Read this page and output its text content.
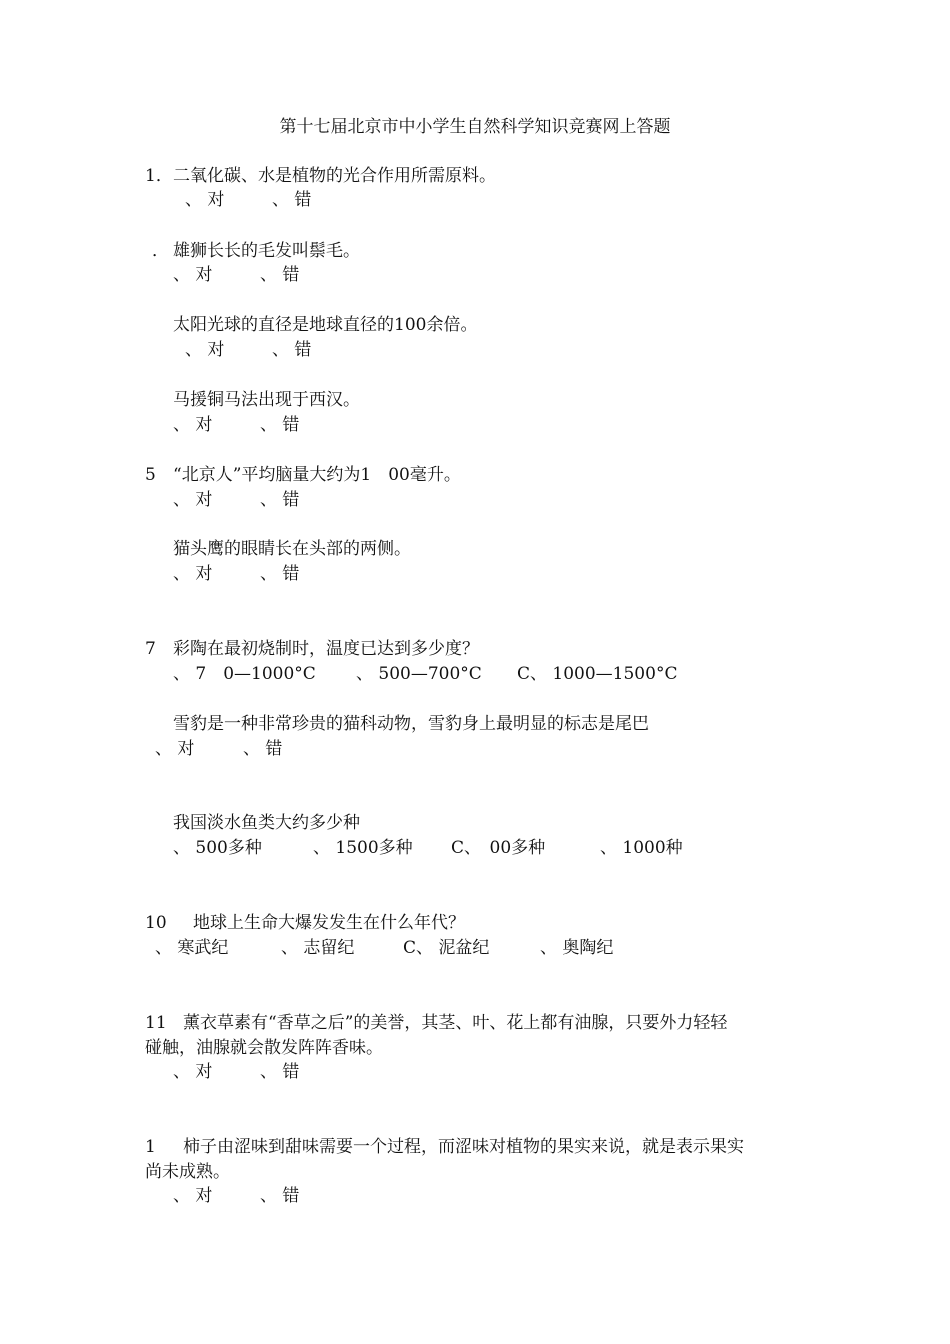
第十七届北京市中小学生自然科学知识竞赛网上答题
1． 二氧化碳、水是植物的光合作用所需原料。
、 对	、 错
． 雄狮长长的毛发叫鬃毛。
、 对	、 错
太阳光球的直径是地球直径的100余倍。
、 对	、 错
马援铜马法出现于西汉。
、 对	、 错
5 “北京人”平均脑量大约为1　00毫升。
、 对	、 错
猫头鹰的眼睛长在头部的两侧。
、 对	、 错
7 彩陶在最初烧制时，温度已达到多少度？
、 7　0—1000°C 、 500—700°C C、 1000—1500°C
雪豹是一种非常珍贵的猫科动物，雪豹身上最明显的标志是尾巴
、 对	、 错
我国淡水鱼类大约多少种
、 500多种	、 1500多种 C、　00多种	、 1000种
10 地球上生命大爆发发生在什么年代？
、 寒武纪	、 志留纪	C、 泥盆纪	、 奥陶纪
11 薰衣草素有“香草之后”的美誉，其茎、叶、花上都有油腺，只要外力轻轻
碰触，油腺就会散发阵阵香味。
、 对	、 错
1 柿子由涩味到甜味需要一个过程，而涩味对植物的果实来说，就是表示果实
尚未成熟。
、 对	、 错
